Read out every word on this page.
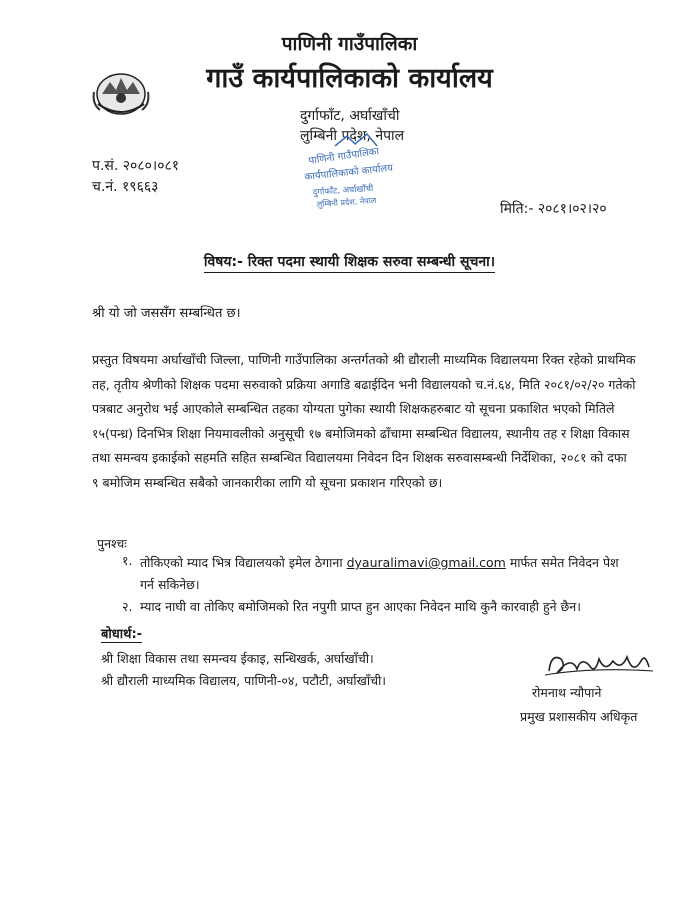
पाणिनी गाउँपालिका
गाउँ कार्यपालिकाको कार्यालय
दुर्गाफाँट, अर्घाखाँची
लुम्बिनी प्रदेश, नेपाल
पाणिनी गाउँपालिका
कार्यपालिकाको कार्यालय
दुर्गाफाँट, अर्घाखाँची
लुम्बिनी प्रदेश, नेपाल
प.सं. २०८०।०८१
च.नं. १९६६३
मिति:- २०८१।०२।२०
विषय:- रिक्त पदमा स्थायी शिक्षक सरुवा सम्बन्धी सूचना।
श्री यो जो जससँग सम्बन्धित छ।
प्रस्तुत विषयमा अर्घाखाँची जिल्ला, पाणिनी गाउँपालिका अन्तर्गतको श्री द्यौराली माध्यमिक विद्यालयमा रिक्त रहेको प्राथमिक तह, तृतीय श्रेणीको शिक्षक पदमा सरुवाको प्रक्रिया अगाडि बढाईदिन भनी विद्यालयको च.नं.६४, मिति २०८१/०२/२० गतेको पत्रबाट अनुरोध भई आएकोले सम्बन्धित तहका योग्यता पुगेका स्थायी शिक्षकहरुबाट यो सूचना प्रकाशित भएको मितिले १५(पन्ध्र) दिनभित्र शिक्षा नियमावलीको अनुसूची १७ बमोजिमको ढाँचामा सम्बन्धित विद्यालय, स्थानीय तह र शिक्षा विकास तथा समन्वय इकाईको सहमति सहित सम्बन्धित विद्यालयमा निवेदन दिन शिक्षक सरुवासम्बन्धी निर्देशिका, २०८१ को दफा ९ बमोजिम सम्बन्धित सबैको जानकारीका लागि यो सूचना प्रकाशन गरिएको छ।
पुनश्चः
१. तोकिएको म्याद भित्र विद्यालयको इमेल ठेगाना dyauralimavi@gmail.com मार्फत समेत निवेदन पेश गर्न सकिनेछ।
२. म्याद नाघी वा तोकिए बमोजिमको रित नपुगी प्राप्त हुन आएका निवेदन माथि कुनै कारवाही हुने छैन।
बोधार्थ:-
श्री शिक्षा विकास तथा समन्वय ईकाइ, सन्धिखर्क, अर्घाखाँची।
श्री द्यौराली माध्यमिक विद्यालय, पाणिनी-०४, पटौटी, अर्घाखाँची।
रोमनाथ न्यौपाने
प्रमुख प्रशासकीय अधिकृत
